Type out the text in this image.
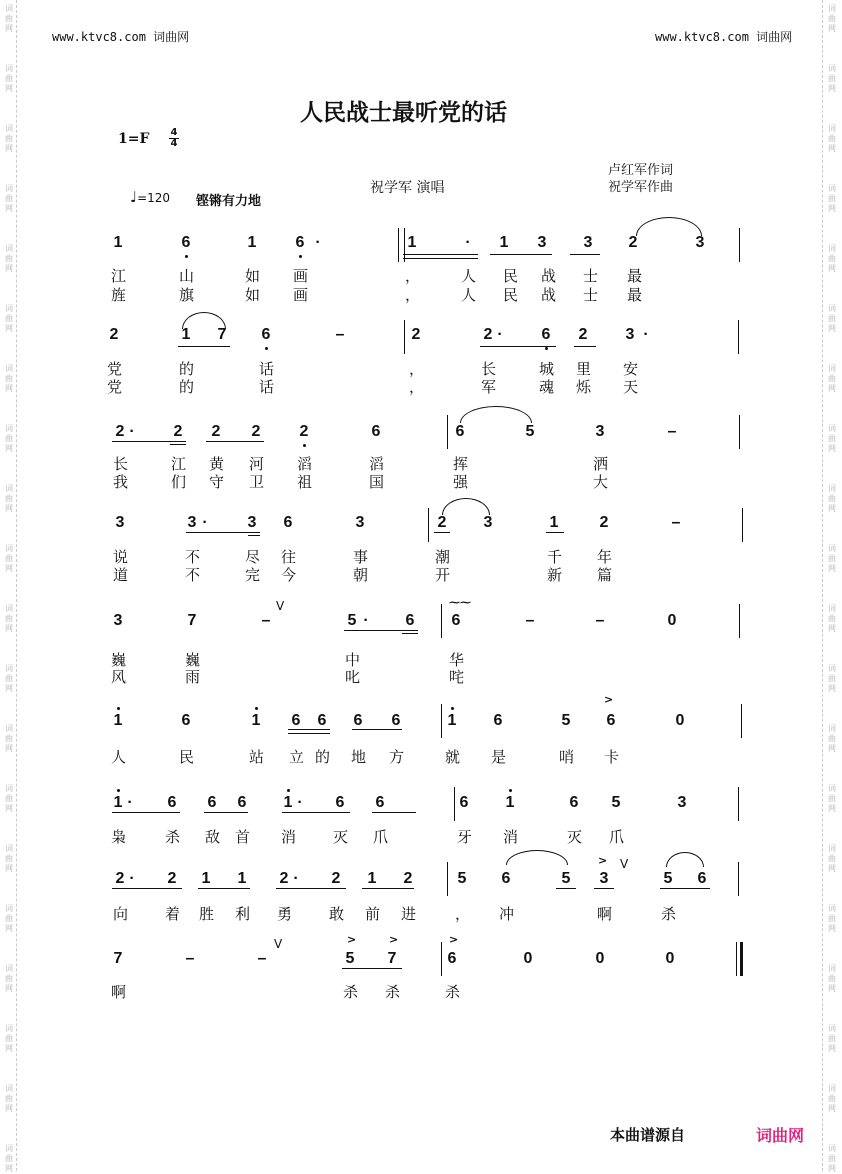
词
曲
网
词
曲
网
词
曲
网
词
曲
网
词
曲
网
词
曲
网
词
曲
网
词
曲
网
词
曲
网
词
曲
网
词
曲
网
词
曲
网
词
曲
网
词
曲
网
词
曲
网
词
曲
网
词
曲
网
词
曲
网
词
曲
网
词
曲
网
词
曲
网
词
曲
网
词
曲
网
词
曲
网
词
曲
网
词
曲
网
词
曲
网
词
曲
网
词
曲
网
词
曲
网
词
曲
网
词
曲
网
词
曲
网
词
曲
网
词
曲
网
词
曲
网
词
曲
网
词
曲
网
词
曲
网
词
曲
网
www.ktvc8.com 词曲网	www.ktvc8.com 词曲网
人民战士最听党的话
$1=F \frac{4}{4}$
♩=120 铿锵有力地
祝学军 演唱
卢红军作词
祝学军作曲
1	6	1 6 ·	1	· 1 3 3 2	3
江	山	如 画	，	人 民 战 士 最
旌	旗	如 画	，	人 民 战 士 最
2	1 7 6	–	2	2 · 6 2 3 ·
党	的	话	，	长	城 里 安
党	的	话	，	军	魂 烁 天
2 · 2 2 2 2	6	6	5	3	–
长	江 黄 河 滔	滔	挥	洒
我	们 守 卫 祖	国	强	大
3	3 · 3 6	3	2 3	1	2	–
说	不	尽 往	事	潮	千 年
道	不	完 今	朝	开	新 篇
3	7	–	5 · 6 6	–	–	0
V	⁓⁓
巍	巍	中	华
风	雨	叱	咤
1	6	1 6 6 6 6	1 6	5 6	0
>
人	民	站 立 的 地 方	就 是	哨 卡
1 · 6 6 6 1 · 6 6	6 1	6 5	3
枭	杀 敌 首 消 灭 爪	牙 消	灭 爪
2 · 2 1 1 2 · 2 1 2	5 6	5 3	5 6
> V
向 着 胜 利 勇 敢 前 进	， 冲	啊	杀
7	–	–	5 7	6	0	0	0
V	>	>	>
啊	杀 杀	杀
本曲谱源自	词曲网
